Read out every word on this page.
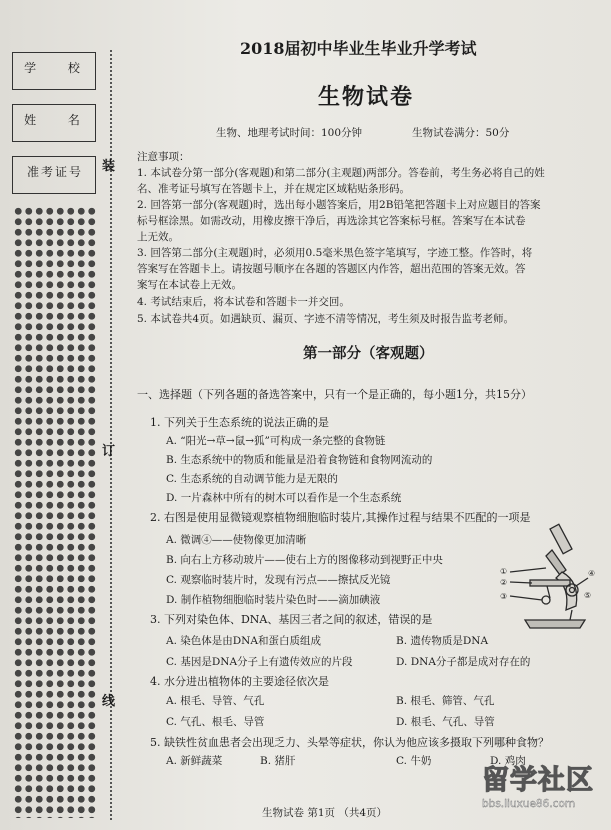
学 校
姓 名
准考证号	装
订
线
2018届初中毕业生毕业升学考试
生物试卷
生物、地理考试时间：100分钟	生物试卷满分：50分
注意事项：
1. 本试卷分第一部分(客观题)和第二部分(主观题)两部分。答卷前，考生务必将自己的姓
名、准考证号填写在答题卡上，并在规定区域粘贴条形码。
2. 回答第一部分(客观题)时，选出每小题答案后，用2B铅笔把答题卡上对应题目的答案
标号框涂黑。如需改动，用橡皮擦干净后，再选涂其它答案标号框。答案写在本试卷
上无效。
3. 回答第二部分(主观题)时，必须用0.5毫米黑色签字笔填写，字迹工整。作答时，将
答案写在答题卡上。请按题号顺序在各题的答题区内作答，超出范围的答案无效。答
案写在本试卷上无效。
4. 考试结束后，将本试卷和答题卡一并交回。
5. 本试卷共4页。如遇缺页、漏页、字迹不清等情况，考生须及时报告监考老师。
第一部分（客观题）
一、选择题（下列各题的备选答案中，只有一个是正确的，每小题1分，共15分）
1. 下列关于生态系统的说法正确的是
A. “阳光→草→鼠→狐”可构成一条完整的食物链
B. 生态系统中的物质和能量是沿着食物链和食物网流动的
C. 生态系统的自动调节能力是无限的
D. 一片森林中所有的树木可以看作是一个生态系统
2. 右图是使用显微镜观察植物细胞临时装片,其操作过程与结果不匹配的一项是
A. 微调④——使物像更加清晰
B. 向右上方移动玻片——使右上方的图像移动到视野正中央
C. 观察临时装片时，发现有污点——擦拭反光镜
D. 制作植物细胞临时装片染色时——滴加碘液
①
②
③
④
⑤
3. 下列对染色体、DNA、基因三者之间的叙述，错误的是
A. 染色体是由DNA和蛋白质组成	B. 遗传物质是DNA
C. 基因是DNA分子上有遗传效应的片段	D. DNA分子都是成对存在的
4. 水分进出植物体的主要途径依次是
A. 根毛、导管、气孔	B. 根毛、筛管、气孔
C. 气孔、根毛、导管	D. 根毛、气孔、导管
5. 缺铁性贫血患者会出现乏力、头晕等症状，你认为他应该多摄取下列哪种食物？
A. 新鲜蔬菜	B. 猪肝	C. 牛奶	D. 鸡肉
生物试卷 第1页 （共4页）
留学社区
bbs.liuxue86.com
